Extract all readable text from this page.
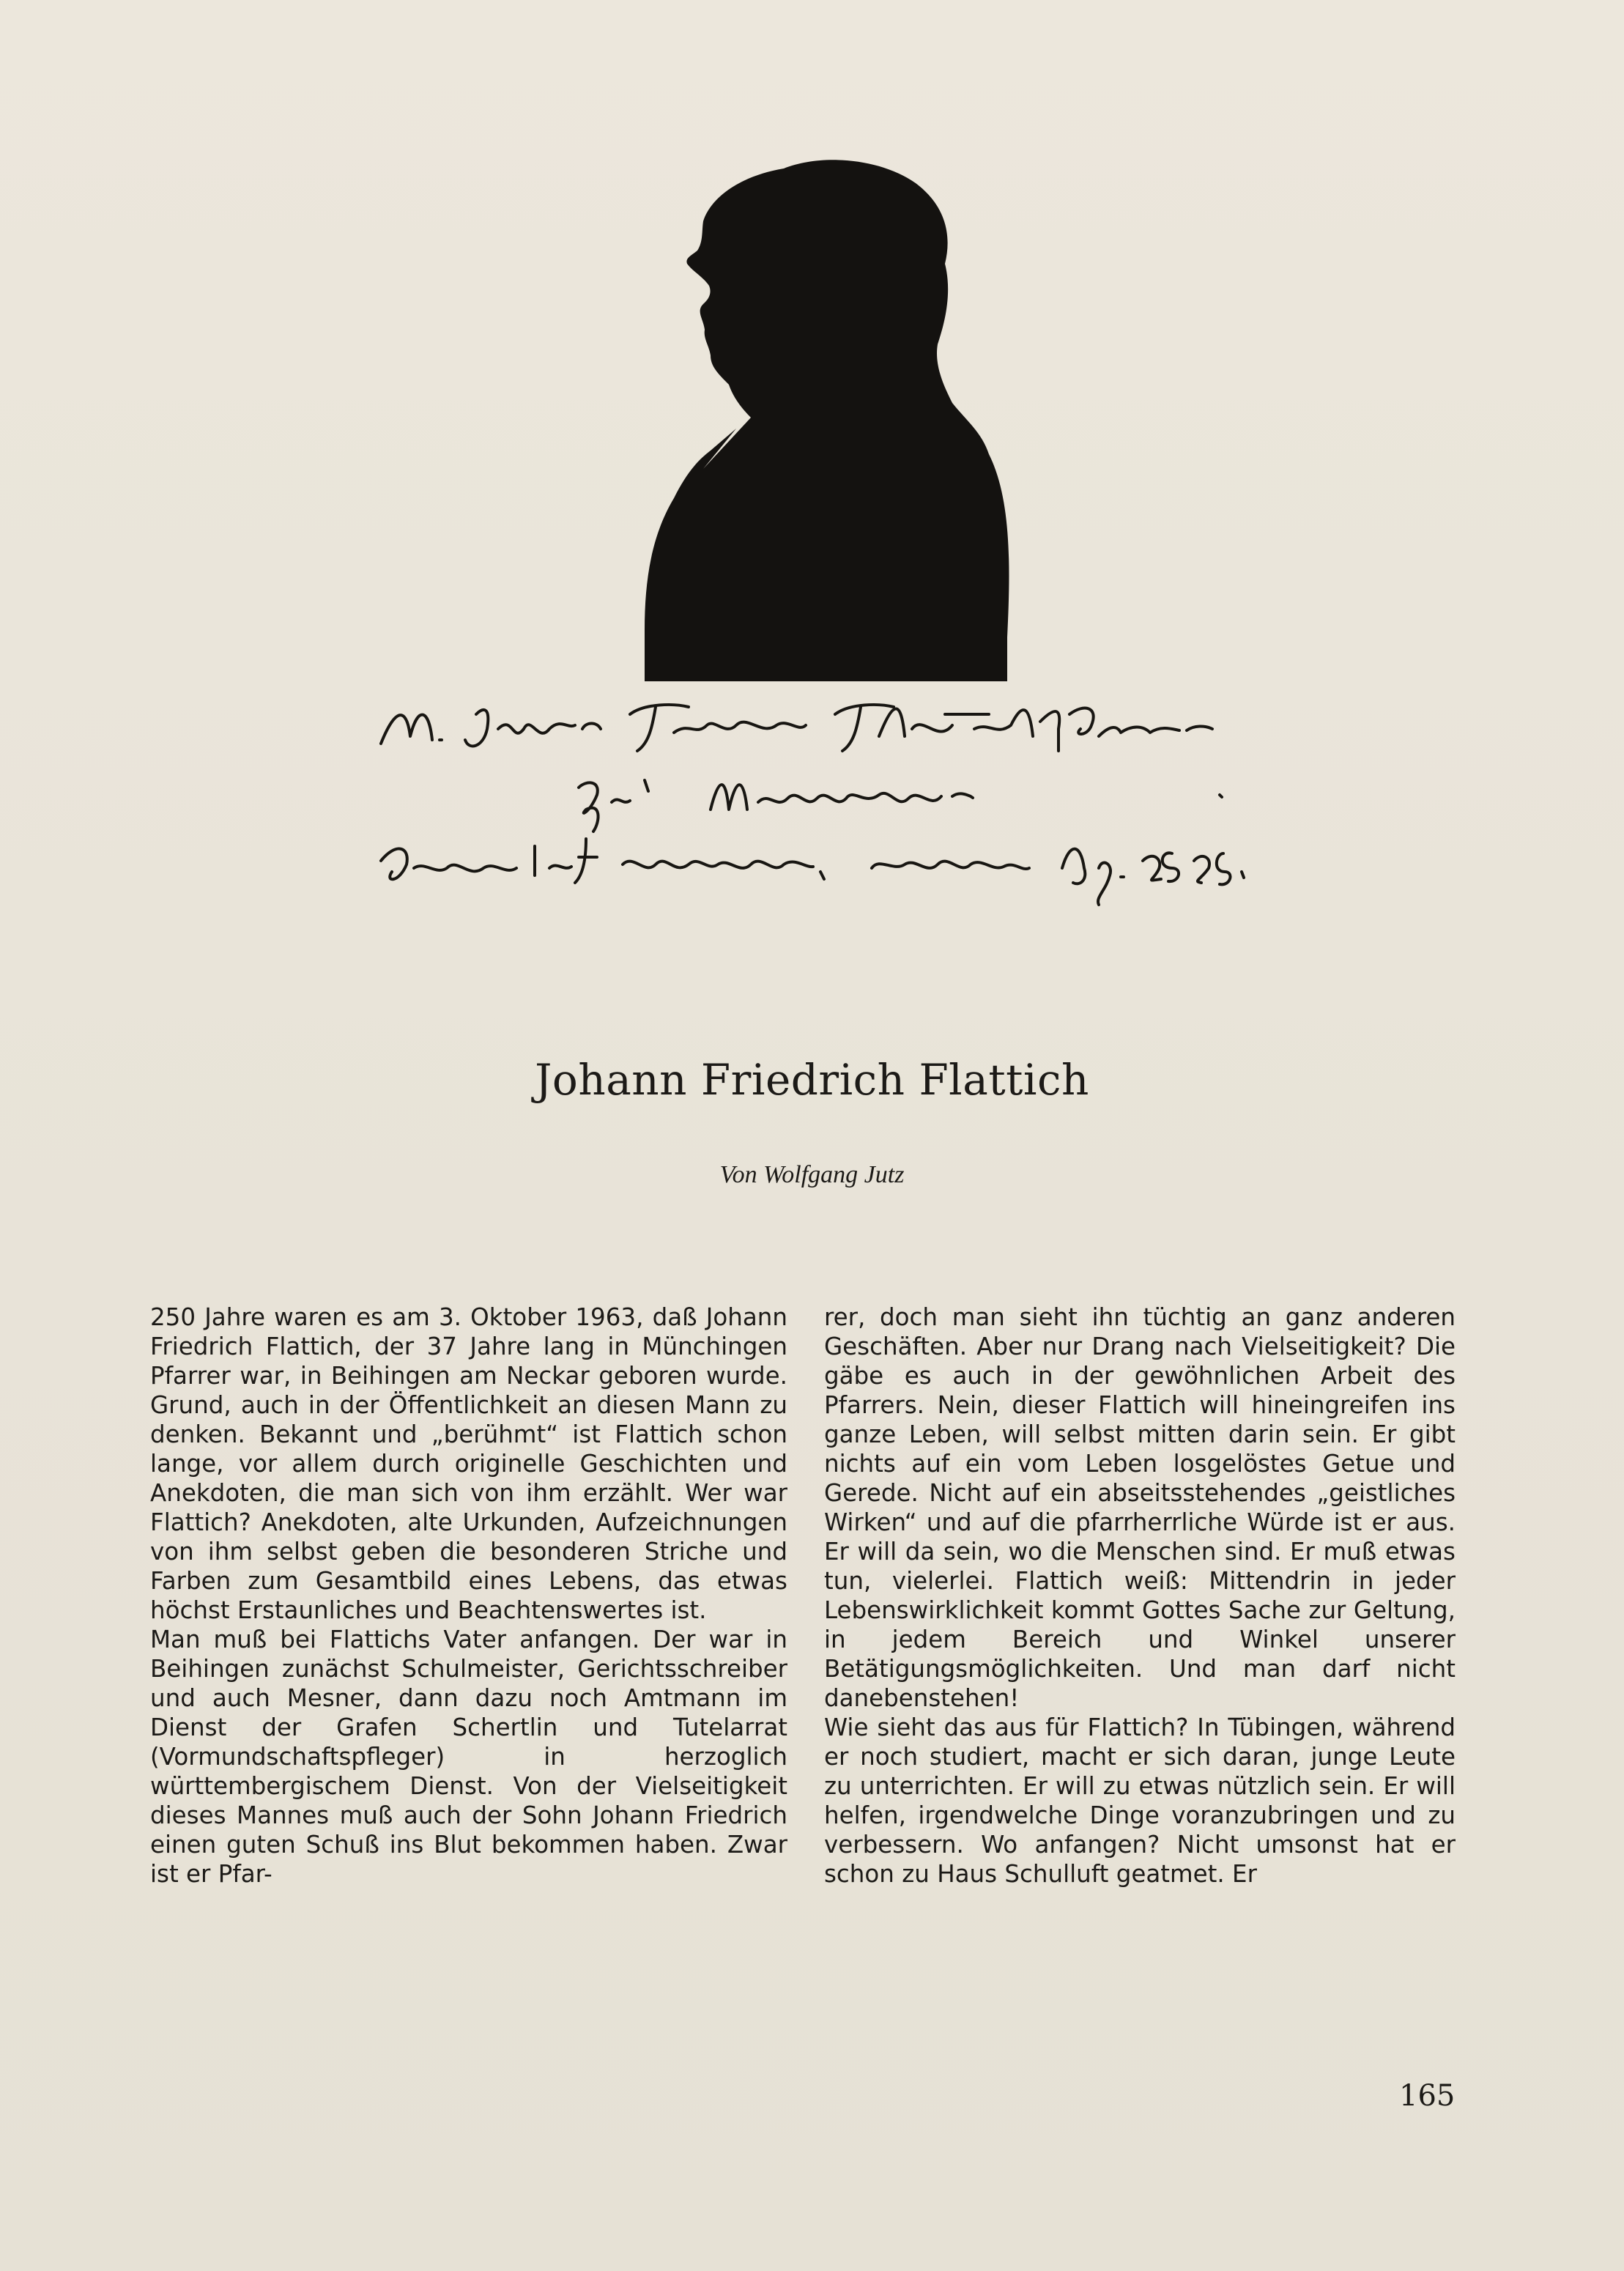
Johann Friedrich Flattich
Von Wolfgang Jutz

250 Jahre waren es am 3. Oktober 1963, daß Johann Friedrich Flattich, der 37 Jahre lang in Münchingen Pfarrer war, in Beihingen am Neckar geboren wurde. Grund, auch in der Öffentlichkeit an diesen Mann zu denken. Bekannt und „berühmt“ ist Flattich schon lange, vor allem durch originelle Geschichten und Anekdoten, die man sich von ihm erzählt. Wer war Flattich? Anekdoten, alte Urkunden, Aufzeichnungen von ihm selbst geben die besonderen Striche und Farben zum Gesamtbild eines Lebens, das etwas höchst Erstaunliches und Beachtenswertes ist.

Man muß bei Flattichs Vater anfangen. Der war in Beihingen zunächst Schulmeister, Gerichtsschreiber und auch Mesner, dann dazu noch Amtmann im Dienst der Grafen Schertlin und Tutelarrat (Vormundschaftspfleger) in herzoglich württembergischem Dienst. Von der Vielseitigkeit dieses Mannes muß auch der Sohn Johann Friedrich einen guten Schuß ins Blut bekommen haben. Zwar ist er Pfar-

rer, doch man sieht ihn tüchtig an ganz anderen Geschäften. Aber nur Drang nach Vielseitigkeit? Die gäbe es auch in der gewöhnlichen Arbeit des Pfarrers. Nein, dieser Flattich will hineingreifen ins ganze Leben, will selbst mitten darin sein. Er gibt nichts auf ein vom Leben losgelöstes Getue und Gerede. Nicht auf ein abseitsstehendes „geistliches Wirken“ und auf die pfarrherrliche Würde ist er aus. Er will da sein, wo die Menschen sind. Er muß etwas tun, vielerlei. Flattich weiß: Mittendrin in jeder Lebenswirklichkeit kommt Gottes Sache zur Geltung, in jedem Bereich und Winkel unserer Betätigungsmöglichkeiten. Und man darf nicht danebenstehen!

Wie sieht das aus für Flattich? In Tübingen, während er noch studiert, macht er sich daran, junge Leute zu unterrichten. Er will zu etwas nützlich sein. Er will helfen, irgendwelche Dinge voranzubringen und zu verbessern. Wo anfangen? Nicht umsonst hat er schon zu Haus Schulluft geatmet. Er

165
